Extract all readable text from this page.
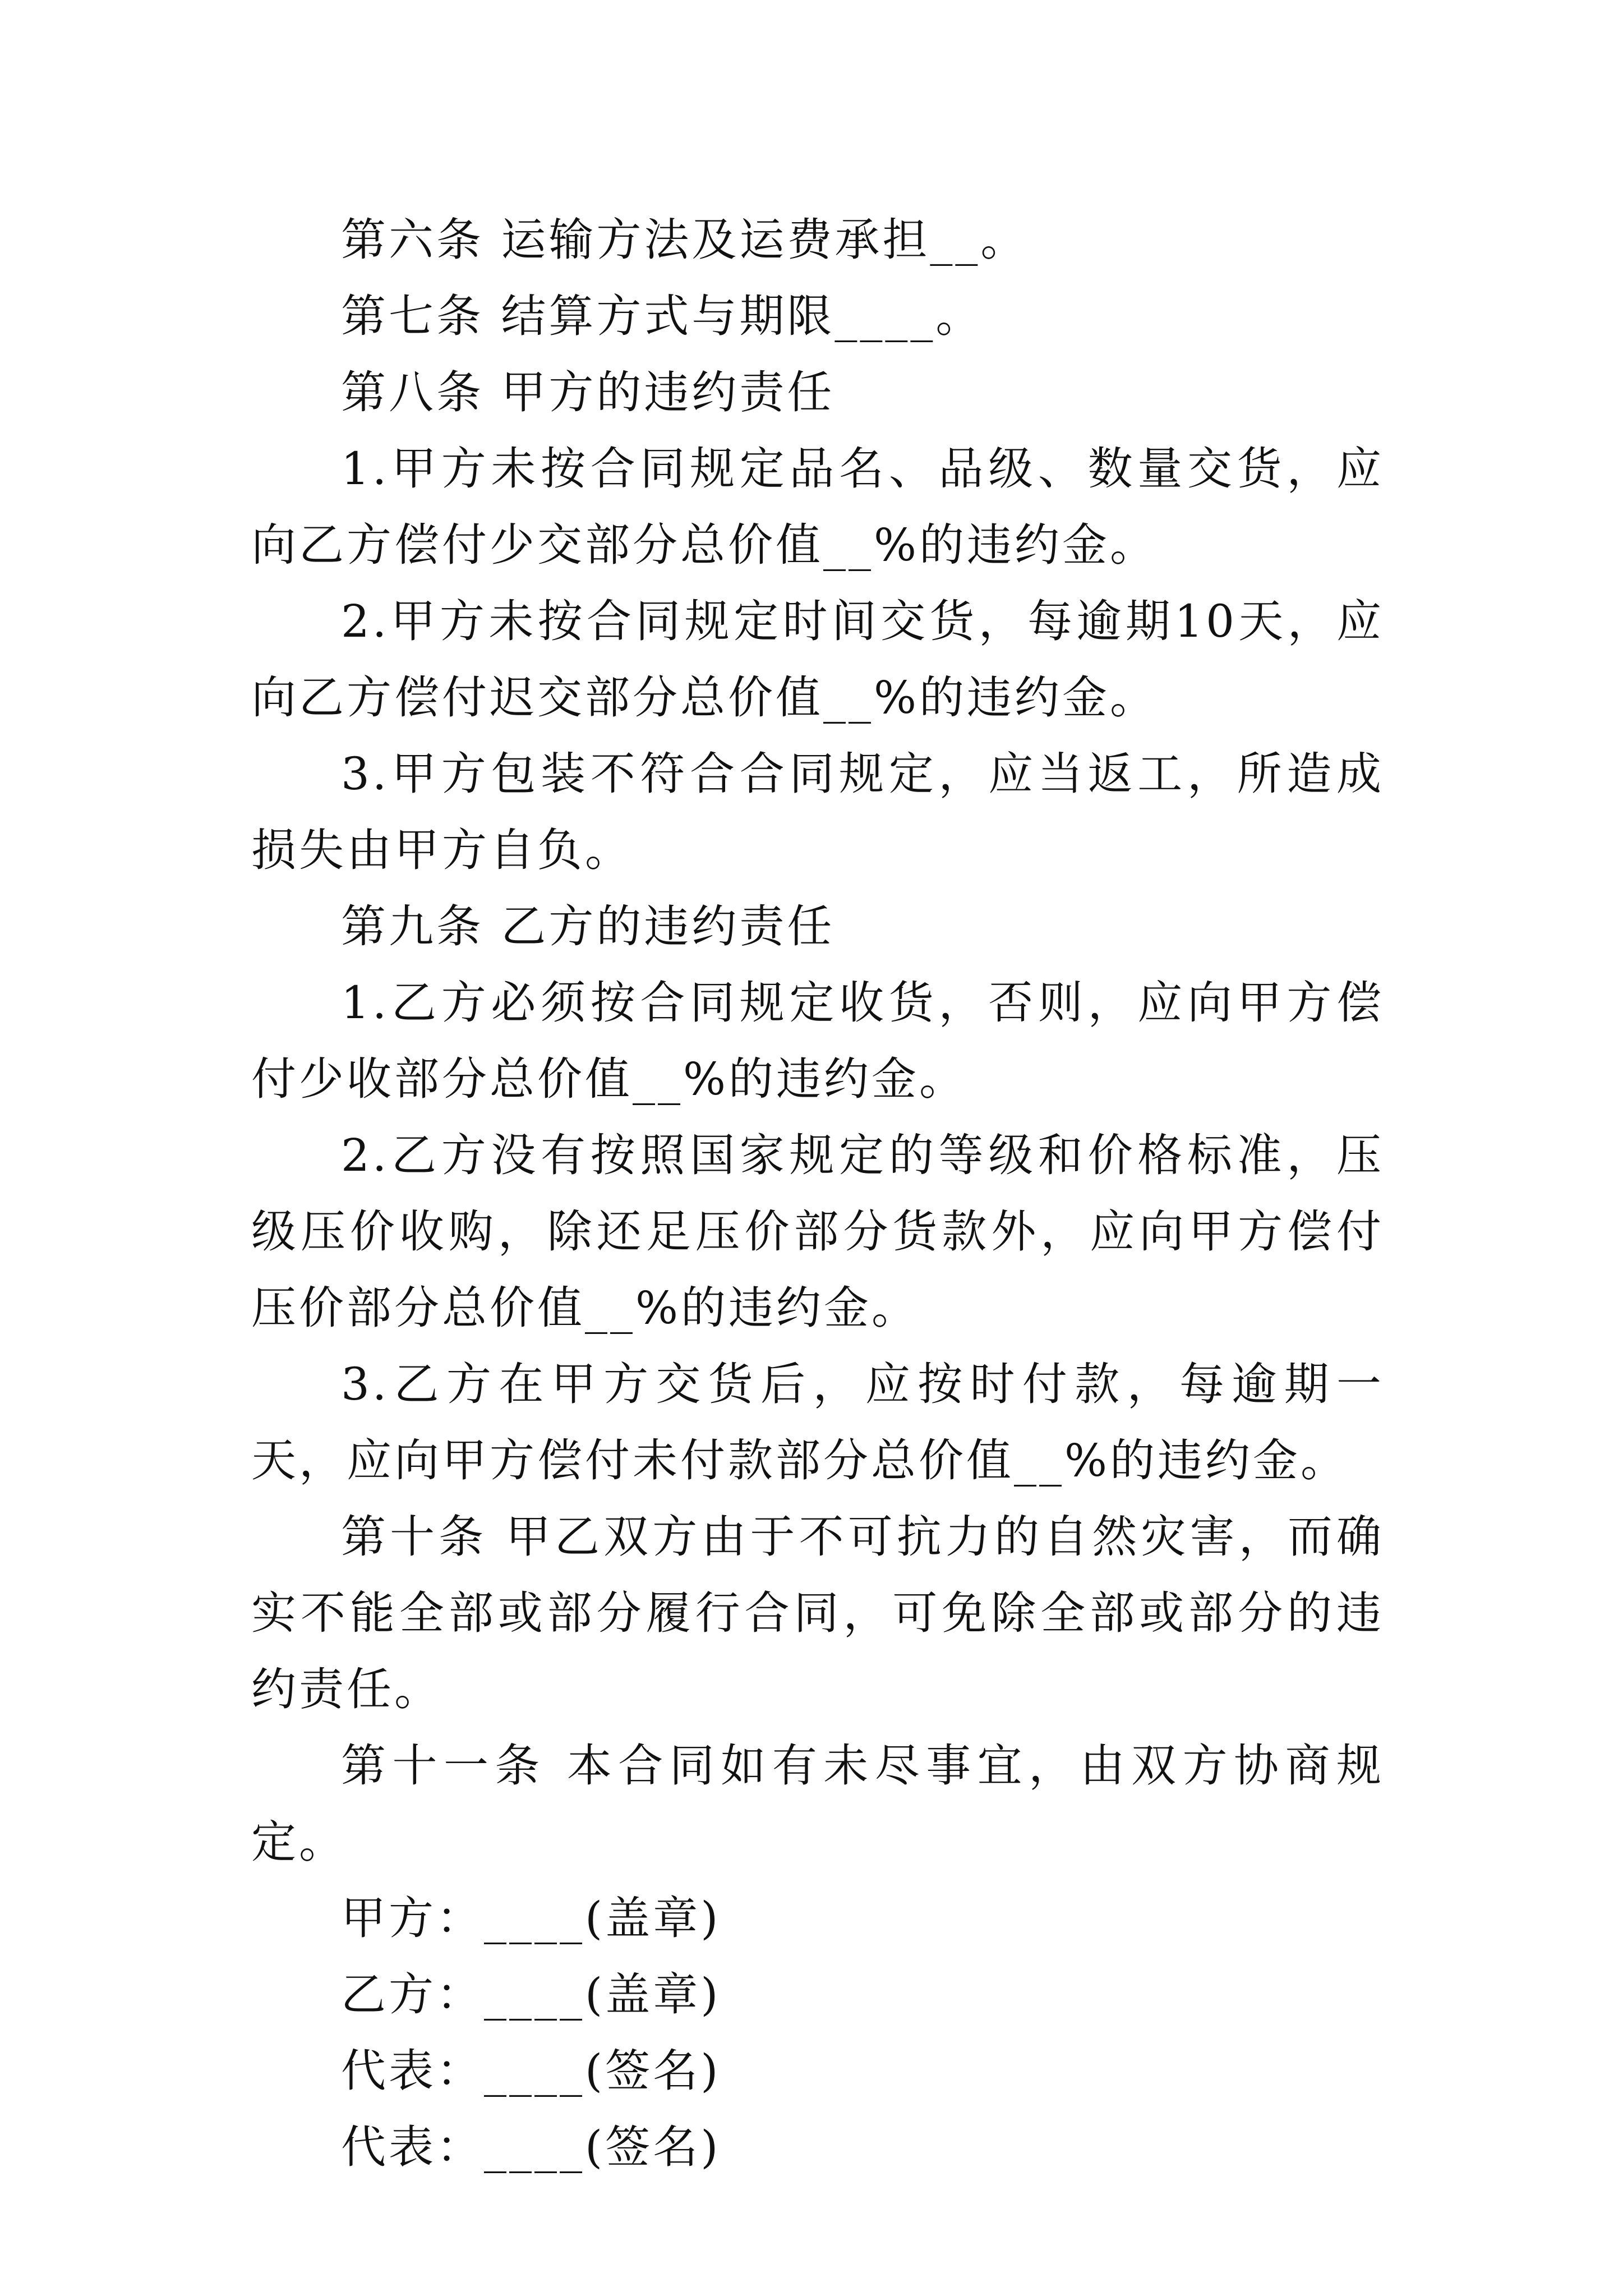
第六条 运输方法及运费承担__。

第七条 结算方式与期限____。

第八条 甲方的违约责任

1.甲方未按合同规定品名、品级、数量交货，应向乙方偿付少交部分总价值__%的违约金。

2.甲方未按合同规定时间交货，每逾期10天，应向乙方偿付迟交部分总价值__%的违约金。

3.甲方包装不符合合同规定，应当返工，所造成损失由甲方自负。

第九条 乙方的违约责任

1.乙方必须按合同规定收货，否则，应向甲方偿付少收部分总价值__%的违约金。

2.乙方没有按照国家规定的等级和价格标准，压级压价收购，除还足压价部分货款外，应向甲方偿付压价部分总价值__%的违约金。

3.乙方在甲方交货后，应按时付款，每逾期一天，应向甲方偿付未付款部分总价值__%的违约金。

第十条 甲乙双方由于不可抗力的自然灾害，而确实不能全部或部分履行合同，可免除全部或部分的违约责任。

第十一条 本合同如有未尽事宜，由双方协商规定。

甲方：____(盖章)

乙方：____(盖章)

代表：____(签名)

代表：____(签名)
